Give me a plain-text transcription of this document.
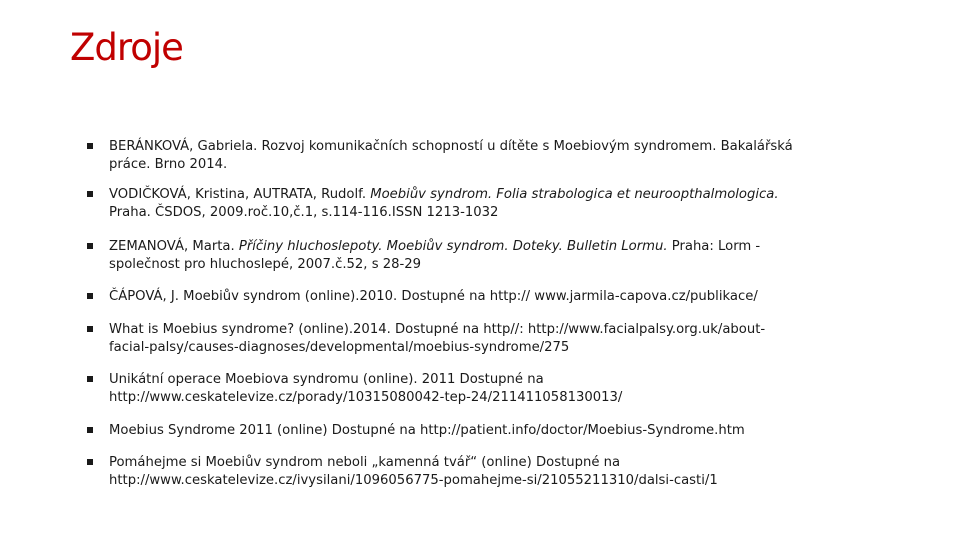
Zdroje
BERÁNKOVÁ, Gabriela. Rozvoj komunikačních schopností u dítěte s Moebiovým syndromem. Bakalářská
práce. Brno 2014.
VODIČKOVÁ, Kristina, AUTRATA, Rudolf. Moebiův syndrom. Folia strabologica et neuroopthalmologica.
Praha. ČSDOS, 2009.roč.10,č.1, s.114-116.ISSN 1213-1032
ZEMANOVÁ, Marta. Příčiny hluchoslepoty. Moebiův syndrom. Doteky. Bulletin Lormu. Praha: Lorm -
společnost pro hluchoslepé, 2007.č.52, s 28-29
ČÁPOVÁ, J. Moebiův syndrom (online).2010. Dostupné na http:// www.jarmila-capova.cz/publikace/
What is Moebius syndrome? (online).2014. Dostupné na http//: http://www.facialpalsy.org.uk/about-
facial-palsy/causes-diagnoses/developmental/moebius-syndrome/275
Unikátní operace Moebiova syndromu (online). 2011 Dostupné na
http://www.ceskatelevize.cz/porady/10315080042-tep-24/211411058130013/
Moebius Syndrome 2011 (online) Dostupné na http://patient.info/doctor/Moebius-Syndrome.htm
Pomáhejme si Moebiův syndrom neboli „kamenná tvář“ (online) Dostupné na
http://www.ceskatelevize.cz/ivysilani/1096056775-pomahejme-si/21055211310/dalsi-casti/1
